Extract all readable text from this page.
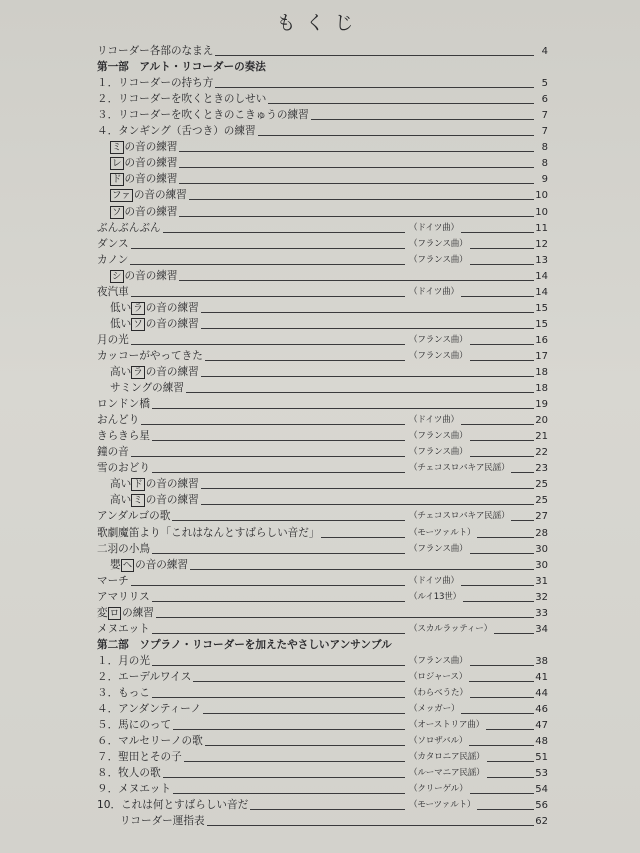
もくじ
リコーダー各部のなまえ	4
第一部　アルト・リコーダーの奏法
１．リコーダーの持ち方	5
２．リコーダーを吹くときのしせい	6
３．リコーダーを吹くときのこきゅうの練習	7
４．タンギング（舌つき）の練習	7
ミ の音の練習	8
レ の音の練習	8
ド の音の練習	9
ファ の音の練習	10
ソ の音の練習	10
ぶんぶんぶん	（ドイツ曲）	11
ダンス	（フランス曲）	12
カノン	（フランス曲）	13
シ の音の練習	14
夜汽車	（ドイツ曲）	14
低い ラ の音の練習	15
低い ソ の音の練習	15
月の光	（フランス曲）	16
カッコーがやってきた	（フランス曲）	17
高い ラ の音の練習	18
サミングの練習	18
ロンドン橋	19
おんどり	（ドイツ曲）	20
きらきら星	（フランス曲）	21
鐘の音	（フランス曲）	22
雪のおどり	（チェコスロバキア民謡）	23
高い ド の音の練習	25
高い ミ の音の練習	25
アンダルゴの歌	（チェコスロバキア民謡）	27
歌劇魔笛より「これはなんとすばらしい音だ」	（モーツァルト）	28
二羽の小鳥	（フランス曲）	30
嬰 ヘ の音の練習	30
マーチ	（ドイツ曲）	31
アマリリス	（ルイ13世）	32
変 ロ の練習	33
メヌエット	（スカルラッティー）	34
第二部　ソプラノ・リコーダーを加えたやさしいアンサンブル
１．月の光	（フランス曲）	38
２．エーデルワイス	（ロジャース）	41
３．もっこ	（わらべうた）	44
４．アンダンティーノ	（メッガー）	46
５．馬にのって	（オーストリア曲）	47
６．マルセリーノの歌	（ソロザバル）	48
７．聖田とその子	（カタロニア民謡）	51
８．牧人の歌	（ルーマニア民謡）	53
９．メヌエット	（クリーゲル）	54
10．これは何とすばらしい音だ	（モーツァルト）	56
リコーダー運指表	62
